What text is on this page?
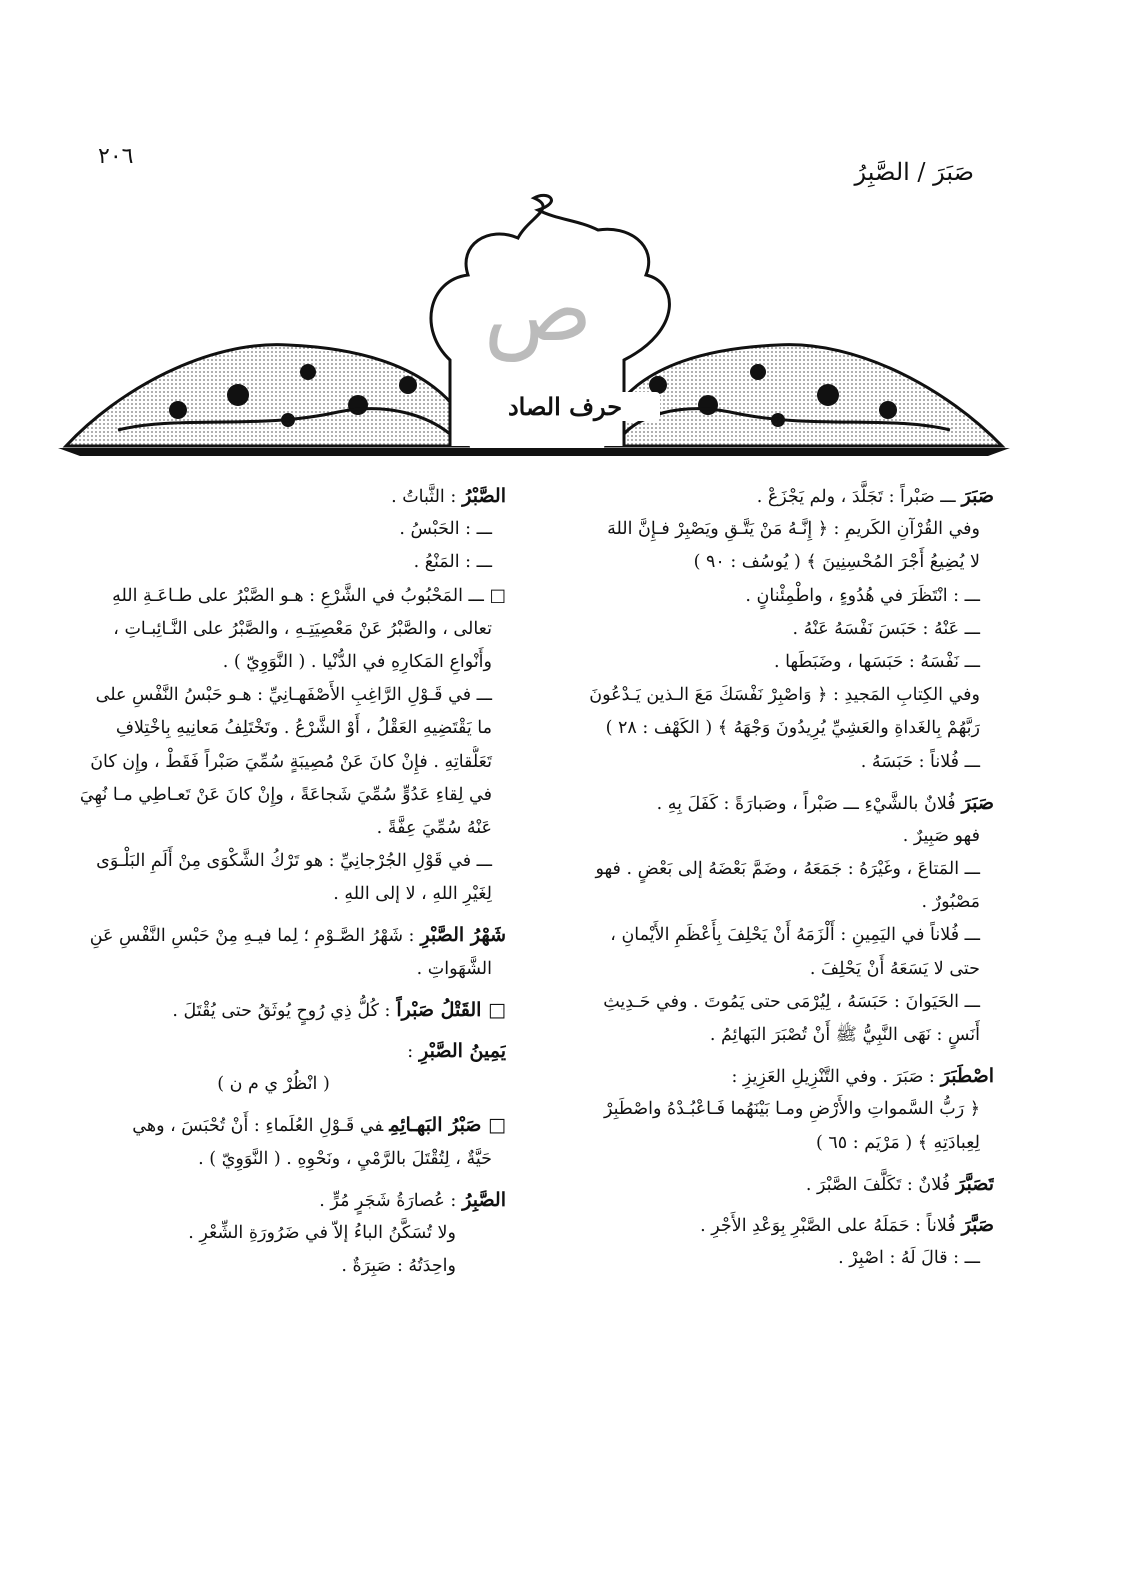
٢٠٦
صَبَرَ / الصَّبِرُ
ص
حرف الصاد
صَبَرَـــ صَبْراً : تَجَلَّدَ ، ولم يَجْزَعْ .
وفي القُرْآنِ الكَريمِ : ﴿ إِنَّـهُ مَنْ يَتَّـقِ ويَصْبِرْ فـإِنَّ اللهَ
لا يُضِيعُ أَجْرَ المُحْسِنِينَ ﴾ ( يُوسُف : ٩٠ )
ـــ : انْتَظَرَ في هُدُوءٍ ، واطْمِئْنانٍ .
ـــ عَنْهُ : حَبَسَ نَفْسَهُ عَنْهُ .
ـــ نَفْسَهُ : حَبَسَها ، وضَبَطَها .
وفي الكِتابِ المَجيدِ : ﴿ وَاصْبِرْ نَفْسَكَ مَعَ الـذين يَـدْعُونَ
رَبَّهُمْ بِالغَداةِ والعَشِيِّ يُرِيدُونَ وَجْهَهُ ﴾ ( الكَهْف : ٢٨ )
ـــ فُلاناً : حَبَسَهُ .
صَبَرَفُلانٌ بالشَّيْءِ ـــ صَبْراً ، وصَبارَةً : كَفَلَ بِهِ .
فهو صَبِيرٌ .
ـــ المَتاعَ ، وغَيْرَهُ : جَمَعَهُ ، وضَمَّ بَعْضَهُ إلى بَعْضٍ . فهو
مَصْبُورٌ .
ـــ فُلاناً في اليَمِينِ : أَلْزَمَهُ أَنْ يَحْلِفَ بِأَعْظَمِ الأَيْمانِ ،
حتى لا يَسَعَهُ أَنْ يَحْلِفَ .
ـــ الحَيَوانَ : حَبَسَهُ ، لِيُرْمَى حتى يَمُوتَ . وفي حَـدِيثِ
أَنَسٍ : نَهَى النَّبِيُّ ﷺ أَنْ تُصْبَرَ البَهائِمُ .
اصْطَبَرَ: صَبَرَ . وفي التَّنْزِيلِ العَزِيزِ :
﴿ رَبُّ السَّمواتِ والأَرْضِ ومـا بَيْنَهُما فَـاعْبُـدْهُ واصْطَبِرْ
لِعِبادَتِهِ ﴾ ( مَرْيَم : ٦٥ )
تَصَبَّرَفُلانٌ : تَكَلَّفَ الصَّبْرَ .
صَبَّرَفُلاناً : حَمَلَهُ على الصَّبْرِ بِوَعْدِ الأَجْرِ .
ـــ : قالَ لَهُ : اصْبِرْ .
الصَّبْرُ: الثَّباتُ .
ـــ : الحَبْسُ .
ـــ : المَنْعُ .
□ ـــ المَحْبُوبُ في الشَّرْعِ : هـو الصَّبْرُ على طـاعَـةِ اللهِ
تعالى ، والصَّبْرُ عَنْ مَعْصِيَتِـهِ ، والصَّبْرُ على النَّـائِبـاتِ ،
وأَنْواعِ المَكارِهِ في الدُّنْيا . ( النَّوَوِيّ ) .
ـــ في قَـوْلِ الرَّاغِبِ الأَصْفَهـانِيِّ : هـو حَبْسُ النَّفْسِ على
ما يَقْتَضِيهِ العَقْلُ ، أَوْ الشَّرْعُ . وتَخْتَلِفُ مَعانِيهِ بِاخْتِلافِ
تَعَلُّقاتِهِ . فإِنْ كانَ عَنْ مُصِيبَةٍ سُمِّيَ صَبْراً فَقَطْ ، وإِن كانَ
في لِقاءِ عَدُوٍّ سُمِّيَ شَجاعَةً ، وإِنْ كانَ عَنْ تَعـاطِي مـا نُهِيَ
عَنْهُ سُمِّيَ عِفَّةً .
ـــ في قَوْلِ الجُرْجانِيِّ : هو تَرْكُ الشَّكْوَى مِنْ أَلَمِ البَلْـوَى
لِغَيْرِ اللهِ ، لا إلى اللهِ .
شَهْرُ الصَّبْرِ: شَهْرُ الصَّـوْمِ ؛ لِما فيـهِ مِنْ حَبْسِ النَّفْسِ عَنِ
الشَّهَواتِ .
□ القَتْلُ صَبْراً: كُلُّ ذِي رُوحٍ يُوثَقُ حتى يُقْتَلَ .
يَمِينُ الصَّبْرِ:
( انْظُرْ ي م ن )
□ صَبْرُ البَهـائِمِفي قَـوْلِ العُلَماءِ : أَنْ تُحْبَسَ ، وهي
حَيَّةٌ ، لِتُقْتَلَ بالرَّمْيِ ، ونَحْوِهِ . ( النَّوَوِيّ ) .
الصَّبِرُ: عُصارَةُ شَجَرٍ مُرٍّ .
ولا تُسَكَّنُ الباءُ إلاّ في ضَرُورَةِ الشِّعْرِ .
واحِدَتُهُ : صَبِرَةٌ .
